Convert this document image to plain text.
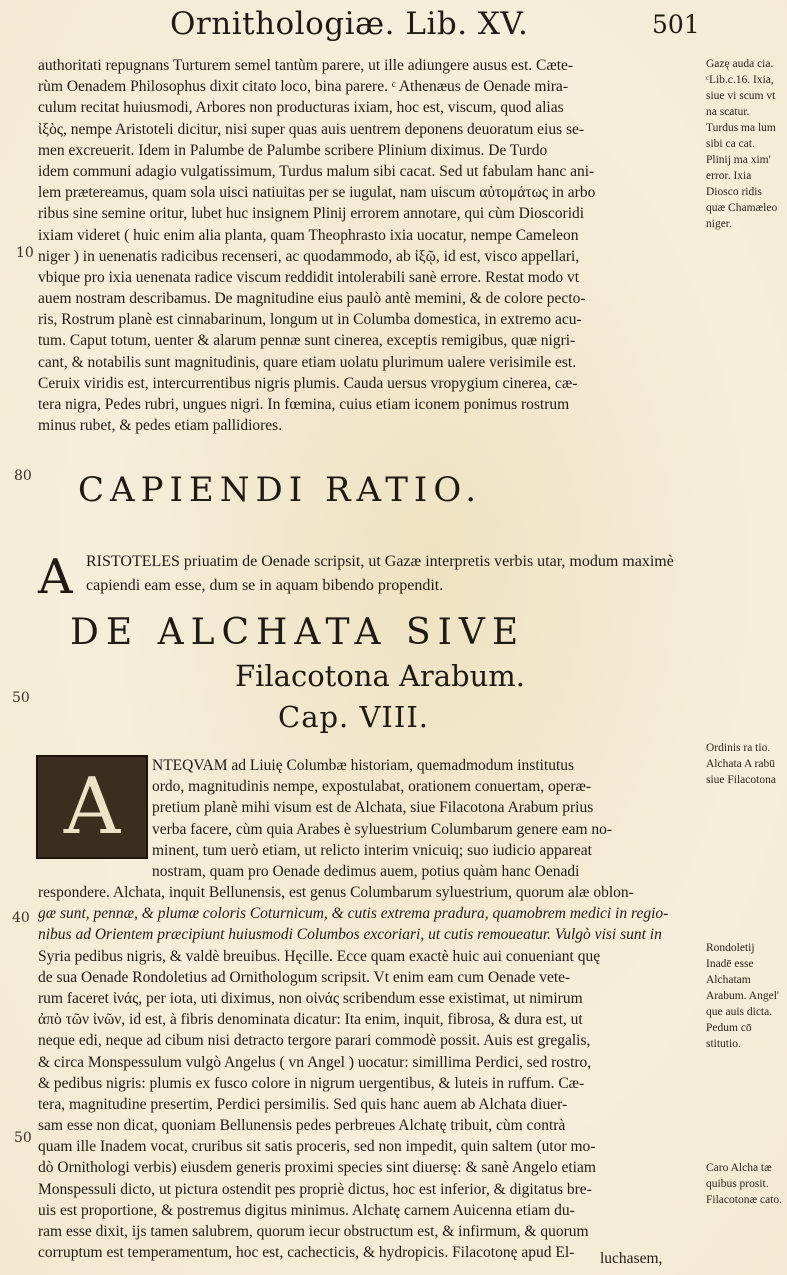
Ornithologiæ. Lib. XV.	501
authoritati repugnans Turturem semel tantùm parere, ut ille adiungere ausus est. Cæte-
rùm Oenadem Philosophus dixit citato loco, bina parere. ᶜ Athenæus de Oenade mira-
culum recitat huiusmodi, Arbores non producturas ixiam, hoc est, viscum, quod alias
ἰξὸς, nempe Aristoteli dicitur, nisi super quas auis uentrem deponens deuoratum eius se-
men excreuerit. Idem in Palumbe de Palumbe scribere Plinium diximus. De Turdo
idem communi adagio vulgatissimum, Turdus malum sibi cacat. Sed ut fabulam hanc ani-
lem prætereamus, quam sola uisci natiuitas per se iugulat, nam uiscum αὐτομάτως in arbo
ribus sine semine oritur, lubet huc insignem Plinij errorem annotare, qui cùm Dioscoridi
ixiam videret ( huic enim alia planta, quam Theophrasto ixia uocatur, nempe Cameleon
niger ) in uenenatis radicibus recenseri, ac quodammodo, ab ἰξῷ, id est, visco appellari,
vbique pro ixia uenenata radice viscum reddidit intolerabili sanè errore. Restat modo vt
auem nostram describamus. De magnitudine eius paulò antè memini, & de colore pecto-
ris, Rostrum planè est cinnabarinum, longum ut in Columba domestica, in extremo acu-
tum. Caput totum, uenter & alarum pennæ sunt cinerea, exceptis remigibus, quæ nigri-
cant, & notabilis sunt magnitudinis, quare etiam uolatu plurimum ualere verisimile est.
Ceruix viridis est, intercurrentibus nigris plumis. Cauda uersus vropygium cinerea, cæ-
tera nigra, Pedes rubri, ungues nigri. In fœmina, cuius etiam iconem ponimus rostrum
minus rubet, & pedes etiam pallidiores.
10
80
50
40
50
Gazę auda cia. ᶜLib.c.16. Ixia, siue vi scum vt na scatur. Turdus ma lum sibi ca cat. Plinij ma xim' error. Ixia Diosco ridis quæ Chamæleo niger.
Ordinis ra tio. Alchata A rabū siue Filacotona
Rondoletij Inadē esse Alchatam Arabum. Angel' que auis dicta. Pedum cō stitutio.
Caro Alcha tæ quibus prosit. Filacotonæ cato.
CAPIENDI RATIO.
A RISTOTELES priuatim de Oenade scripsit, ut Gazæ interpretis verbis utar, modum maximè capiendi eam esse, dum se in aquam bibendo propendit.
DE ALCHATA SIVE
Filacotona Arabum.
Cap. VIII.
A NTEQVAM ad Liuię Columbæ historiam, quemadmodum institutus
ordo, magnitudinis nempe, expostulabat, orationem conuertam, operæ-
pretium planè mihi visum est de Alchata, siue Filacotona Arabum prius
verba facere, cùm quia Arabes è syluestrium Columbarum genere eam no-
minent, tum uerò etiam, ut relicto interim vnicuiq; suo iudicio appareat
nostram, quam pro Oenade dedimus auem, potius quàm hanc Oenadi
respondere. Alchata, inquit Bellunensis, est genus Columbarum syluestrium, quorum alæ oblon-
gæ sunt, pennæ, & plumæ coloris Coturnicum, & cutis extrema pradura, quamobrem medici in regio-
nibus ad Orientem præcipiunt huiusmodi Columbos excoriari, ut cutis remoueatur. Vulgò visi sunt in
Syria pedibus nigris, & valdè breuibus. Hęcille. Ecce quam exactè huic aui conueniant quę
de sua Oenade Rondoletius ad Ornithologum scripsit. Vt enim eam cum Oenade vete-
rum faceret ἰνάς, per iota, uti diximus, non οἰνάς scribendum esse existimat, ut nimirum
ἀπὸ τῶν ἰνῶν, id est, à fibris denominata dicatur: Ita enim, inquit, fibrosa, & dura est, ut
neque edi, neque ad cibum nisi detracto tergore parari commodè possit. Auis est gregalis,
& circa Monspessulum vulgò Angelus ( vn Angel ) uocatur: simillima Perdici, sed rostro,
& pedibus nigris: plumis ex fusco colore in nigrum uergentibus, & luteis in ruffum. Cæ-
tera, magnitudine presertim, Perdici persimilis. Sed quis hanc auem ab Alchata diuer-
sam esse non dicat, quoniam Bellunensis pedes perbreues Alchatę tribuit, cùm contrà
quam ille Inadem vocat, cruribus sit satis proceris, sed non impedit, quin saltem (utor mo-
dò Ornithologi verbis) eiusdem generis proximi species sint diuersę: & sanè Angelo etiam
Monspessuli dicto, ut pictura ostendit pes propriè dictus, hoc est inferior, & digitatus bre-
uis est proportione, & postremus digitus minimus. Alchatę carnem Auicenna etiam du-
ram esse dixit, ijs tamen salubrem, quorum iecur obstructum est, & infirmum, & quorum
corruptum est temperamentum, hoc est, cachecticis, & hydropicis. Filacotonę apud El-	luchasem,
